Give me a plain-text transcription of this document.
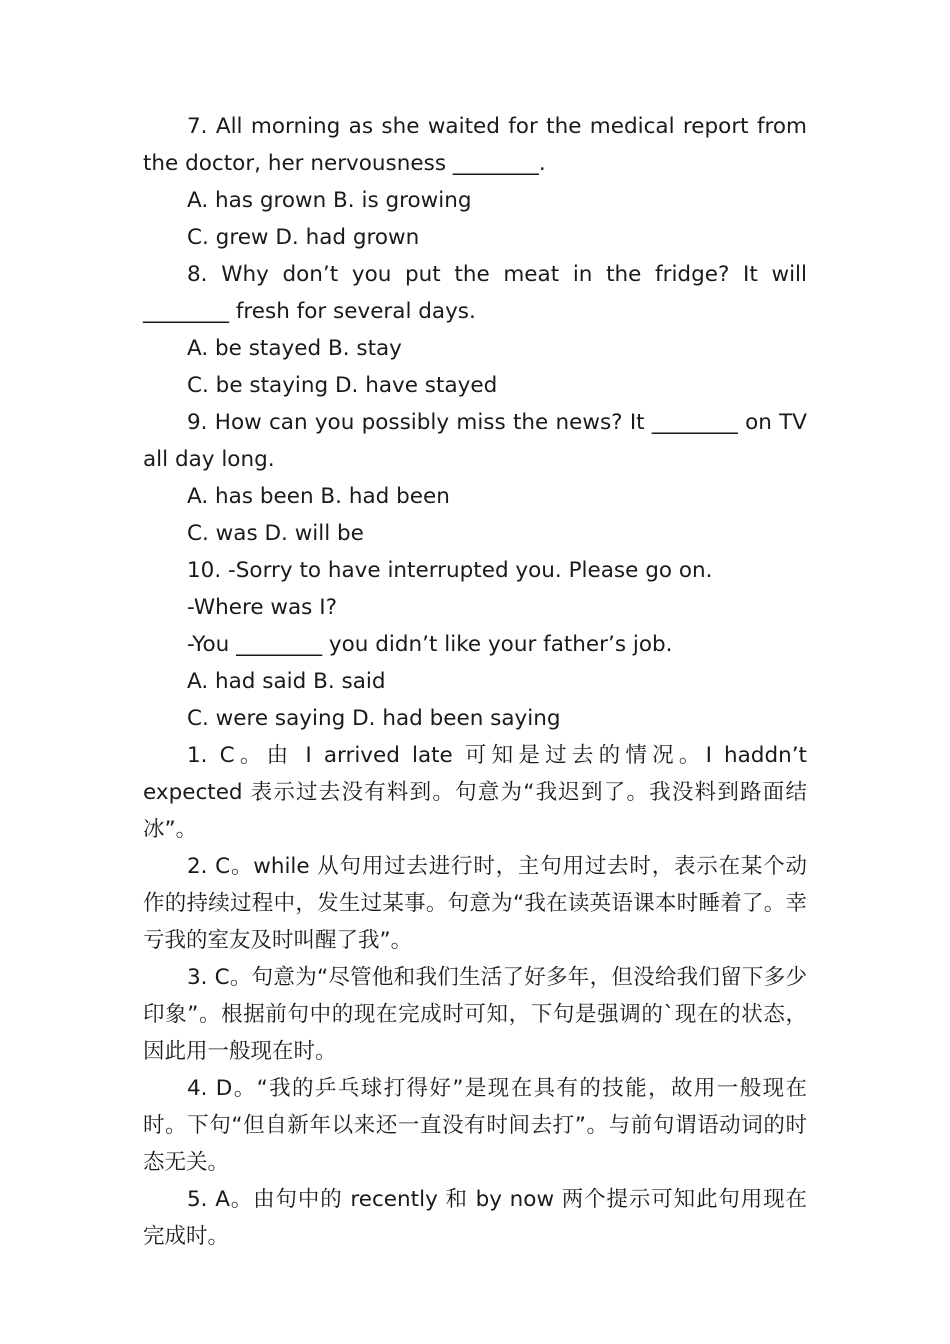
7. All morning as she waited for the medical report from the doctor, her nervousness ________.

A. has grown B. is growing

C. grew D. had grown

8. Why don’t you put the meat in the fridge? It will ________ fresh for several days.

A. be stayed B. stay

C. be staying D. have stayed

9. How can you possibly miss the news? It ________ on TV all day long.

A. has been B. had been

C. was D. will be

10. -Sorry to have interrupted you. Please go on.

-Where was I?

-You ________ you didn’t like your father’s job.

A. had said B. said

C. were saying D. had been saying

1. C。由 I arrived late 可知是过去的情况。I haddn’t expected 表示过去没有料到。句意为“我迟到了。我没料到路面结冰”。

2. C。while 从句用过去进行时，主句用过去时，表示在某个动作的持续过程中，发生过某事。句意为“我在读英语课本时睡着了。幸亏我的室友及时叫醒了我”。

3. C。句意为“尽管他和我们生活了好多年，但没给我们留下多少印象”。根据前句中的现在完成时可知，下句是强调的`现在的状态，因此用一般现在时。

4. D。“我的乒乓球打得好”是现在具有的技能，故用一般现在时。下句“但自新年以来还一直没有时间去打”。与前句谓语动词的时态无关。

5. A。由句中的 recently 和 by now 两个提示可知此句用现在完成时。
